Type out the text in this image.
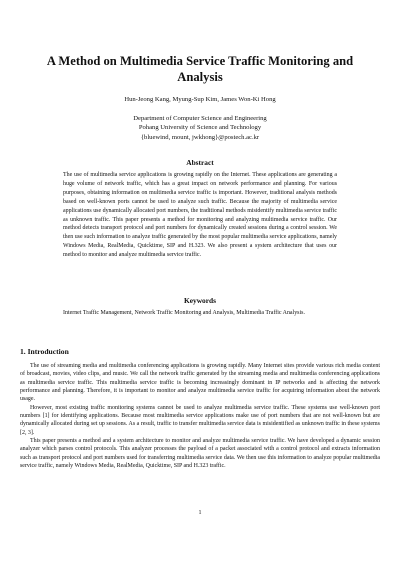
A Method on Multimedia Service Traffic Monitoring and Analysis
Hun-Jeong Kang, Myung-Sup Kim, James Won-Ki Hong
Department of Computer Science and Engineering
Pohang University of Science and Technology
{bluewind, mount, jwkhong}@postech.ac.kr
Abstract
The use of multimedia service applications is growing rapidly on the Internet. These applications are generating a huge volume of network traffic, which has a great impact on network performance and planning. For various purposes, obtaining information on multimedia service traffic is important. However, traditional analysis methods based on well-known ports cannot be used to analyze such traffic. Because the majority of multimedia service applications use dynamically allocated port numbers, the traditional methods misidentify multimedia service traffic as unknown traffic. This paper presents a method for monitoring and analyzing multimedia service traffic. Our method detects transport protocol and port numbers for dynamically created sessions during a control session. We then use such information to analyze traffic generated by the most popular multimedia service applications, namely Windows Media, RealMedia, Quicktime, SIP and H.323. We also present a system architecture that uses our method to monitor and analyze multimedia service traffic.
Keywords
Internet Traffic Management, Network Traffic Monitoring and Analysis, Multimedia Traffic Analysis.
1. Introduction

The use of streaming media and multimedia conferencing applications is growing rapidly. Many Internet sites provide various rich media content of broadcast, movies, video clips, and music. We call the network traffic generated by the streaming media and multimedia conferencing applications as multimedia service traffic. This multimedia service traffic is becoming increasingly dominant in IP networks and is affecting the network performance and planning. Therefore, it is important to monitor and analyze multimedia service traffic for acquiring information about the network usage.

However, most existing traffic monitoring systems cannot be used to analyze multimedia service traffic. These systems use well-known port numbers [1] for identifying applications. Because most multimedia service applications make use of port numbers that are not well-known but are dynamically allocated during set up sessions. As a result, traffic to transfer multimedia service data is misidentified as unknown traffic in these systems [2, 3].

This paper presents a method and a system architecture to monitor and analyze multimedia service traffic. We have developed a dynamic session analyzer which parses control protocols. This analyzer processes the payload of a packet associated with a control protocol and extracts information such as transport protocol and port numbers used for transferring multimedia service data. We then use this information to analyze popular multimedia service traffic, namely Windows Media, RealMedia, Quicktime, SIP and H.323 traffic.

1
